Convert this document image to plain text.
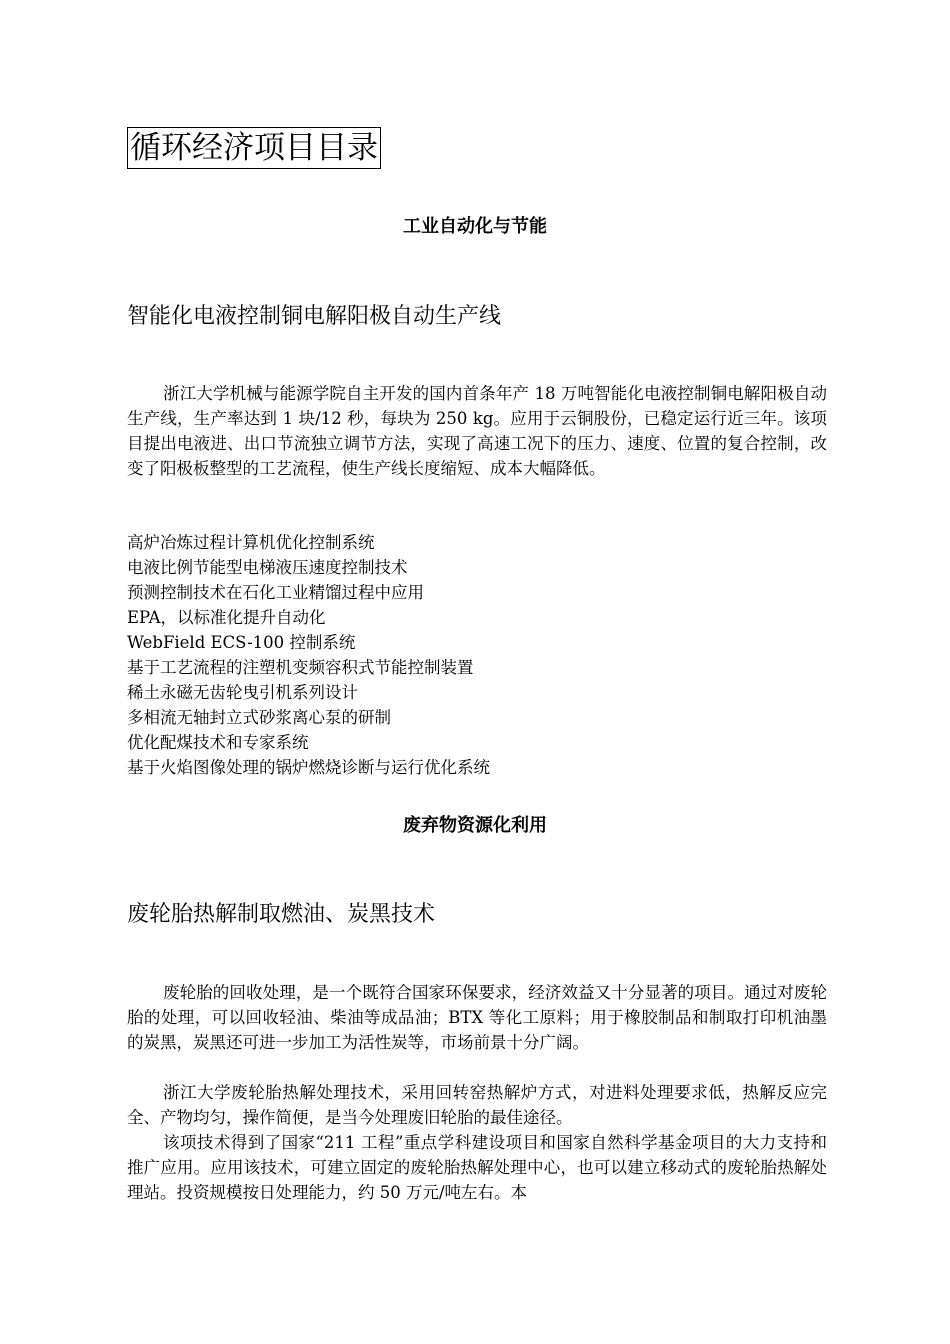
循环经济项目目录
工业自动化与节能
智能化电液控制铜电解阳极自动生产线

浙江大学机械与能源学院自主开发的国内首条年产 18 万吨智能化电液控制铜电解阳极自动生产线，生产率达到 1 块/12 秒，每块为 250 kg。应用于云铜股份，已稳定运行近三年。该项目提出电液进、出口节流独立调节方法，实现了高速工况下的压力、速度、位置的复合控制，改变了阳极板整型的工艺流程，使生产线长度缩短、成本大幅降低。

高炉冶炼过程计算机优化控制系统
电液比例节能型电梯液压速度控制技术
预测控制技术在石化工业精馏过程中应用
EPA，以标准化提升自动化
WebField ECS-100 控制系统
基于工艺流程的注塑机变频容积式节能控制装置
稀土永磁无齿轮曳引机系列设计
多相流无轴封立式砂浆离心泵的研制
优化配煤技术和专家系统
基于火焰图像处理的锅炉燃烧诊断与运行优化系统
废弃物资源化利用
废轮胎热解制取燃油、炭黑技术

废轮胎的回收处理，是一个既符合国家环保要求，经济效益又十分显著的项目。通过对废轮胎的处理，可以回收轻油、柴油等成品油；BTX 等化工原料；用于橡胶制品和制取打印机油墨的炭黑，炭黑还可进一步加工为活性炭等，市场前景十分广阔。

浙江大学废轮胎热解处理技术，采用回转窑热解炉方式，对进料处理要求低，热解反应完全、产物均匀，操作简便，是当今处理废旧轮胎的最佳途径。

该项技术得到了国家“211 工程”重点学科建设项目和国家自然科学基金项目的大力支持和推广应用。应用该技术，可建立固定的废轮胎热解处理中心，也可以建立移动式的废轮胎热解处理站。投资规模按日处理能力，约 50 万元/吨左右。本
